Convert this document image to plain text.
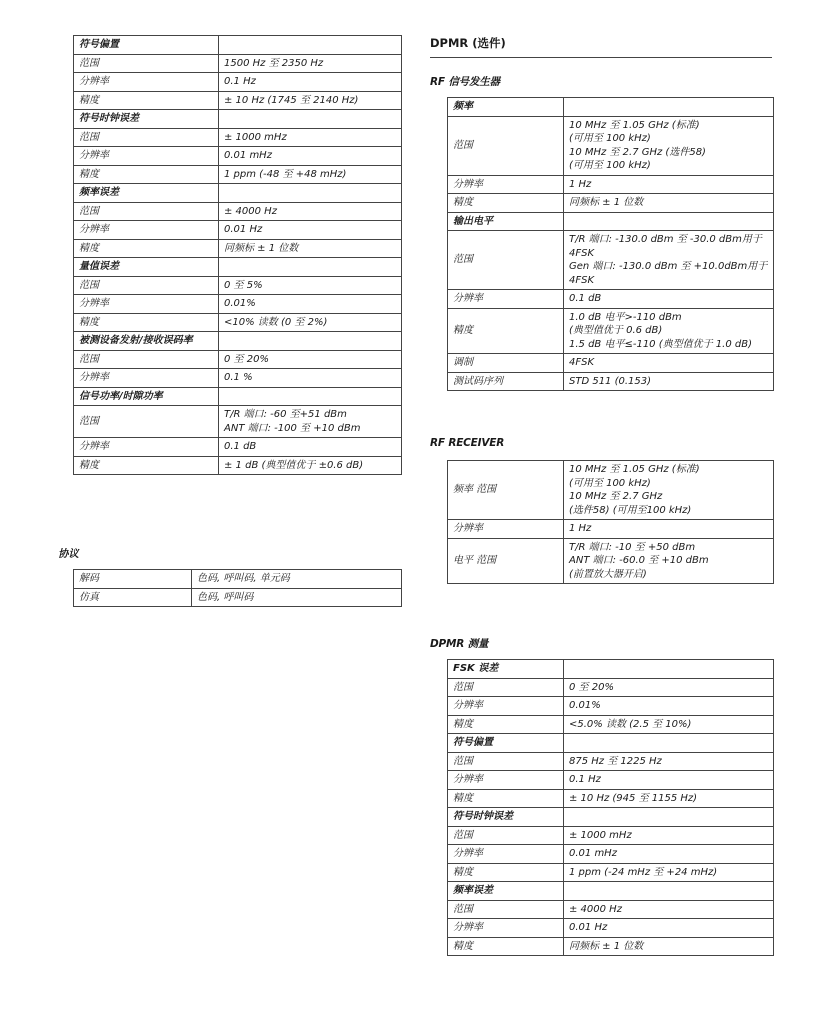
符号偏置	
范围	1500 Hz 至 2350 Hz
分辨率	0.1 Hz
精度	± 10 Hz (1745 至 2140 Hz)
符号时钟误差	
范围	± 1000 mHz
分辨率	0.01 mHz
精度	1 ppm (-48 至 +48 mHz)
频率误差	
范围	± 4000 Hz
分辨率	0.01 Hz
精度	同频标 ± 1 位数
量值误差	
范围	0 至 5%
分辨率	0.01%
精度	<10% 读数 (0 至 2%)
被测设备发射/接收误码率	
范围	0 至 20%
分辨率	0.1 %
信号功率/时隙功率	
范围	T/R 端口: -60 至+51 dBm
ANT 端口: -100 至 +10 dBm
分辨率	0.1 dB
精度	± 1 dB (典型值优于 ±0.6 dB)
协议
解码	色码, 呼叫码, 单元码
仿真	色码, 呼叫码
DPMR (选件)
RF 信号发生器
频率	
范围	10 MHz 至 1.05 GHz (标准)
(可用至 100 kHz)
10 MHz 至 2.7 GHz (选件58)
(可用至 100 kHz)
分辨率	1 Hz
精度	同频标 ± 1 位数
输出电平	
范围	T/R 端口: -130.0 dBm 至 -30.0 dBm用于 4FSK
Gen 端口: -130.0 dBm 至 +10.0dBm用于 4FSK
分辨率	0.1 dB
精度	1.0 dB 电平>-110 dBm
(典型值优于 0.6 dB)
1.5 dB 电平≤-110 (典型值优于 1.0 dB)
调制	4FSK
测试码序列	STD 511 (0.153)
RF RECEIVER
频率 范围	10 MHz 至 1.05 GHz (标准)
(可用至 100 kHz)
10 MHz 至 2.7 GHz
(选件58) (可用至100 kHz)
分辨率	1 Hz
电平 范围	T/R 端口: -10 至 +50 dBm
ANT 端口: -60.0 至 +10 dBm
(前置放大器开启)
DPMR 测量
FSK 误差	
范围	0 至 20%
分辨率	0.01%
精度	<5.0% 读数 (2.5 至 10%)
符号偏置	
范围	875 Hz 至 1225 Hz
分辨率	0.1 Hz
精度	± 10 Hz (945 至 1155 Hz)
符号时钟误差	
范围	± 1000 mHz
分辨率	0.01 mHz
精度	1 ppm (-24 mHz 至 +24 mHz)
频率误差	
范围	± 4000 Hz
分辨率	0.01 Hz
精度	同频标 ± 1 位数
